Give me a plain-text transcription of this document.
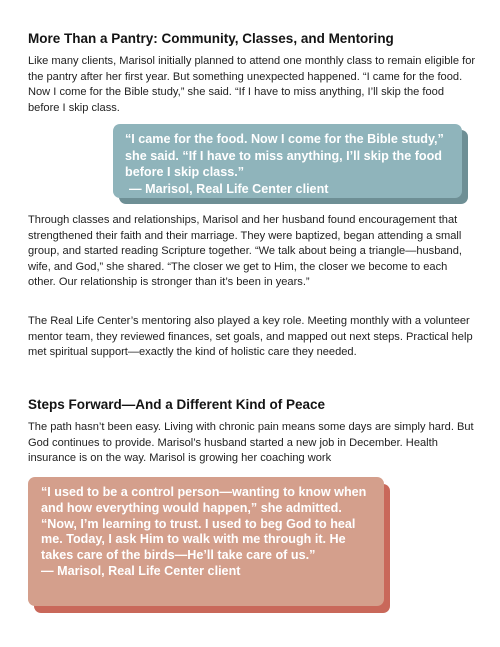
More Than a Pantry: Community, Classes, and Mentoring

Like many clients, Marisol initially planned to attend one monthly class to remain eligible for the pantry after her first year. But something unexpected happened. “I came for the food. Now I come for the Bible study,” she said. “If I have to miss anything, I’ll skip the food before I skip class.

“I came for the food. Now I come for the Bible study,” she said. “If I have to miss anything, I’ll skip the food before I skip class.”

— Marisol, Real Life Center client

Through classes and relationships, Marisol and her husband found encouragement that strengthened their faith and their marriage. They were baptized, began attending a small group, and started reading Scripture together. “We talk about being a triangle—husband, wife, and God,” she shared. “The closer we get to Him, the closer we become to each other. Our relationship is stronger than it’s been in years.”

The Real Life Center’s mentoring also played a key role. Meeting monthly with a volunteer mentor team, they reviewed finances, set goals, and mapped out next steps. Practical help met spiritual support—exactly the kind of holistic care they needed.

Steps Forward—And a Different Kind of Peace

The path hasn’t been easy. Living with chronic pain means some days are simply hard. But God continues to provide. Marisol’s husband started a new job in December. Health insurance is on the way. Marisol is growing her coaching work

“I used to be a control person—wanting to know when and how everything would happen,” she admitted. “Now, I’m learning to trust. I used to beg God to heal me. Today, I ask Him to walk with me through it. He takes care of the birds—He’ll take care of us.”

— Marisol, Real Life Center client
